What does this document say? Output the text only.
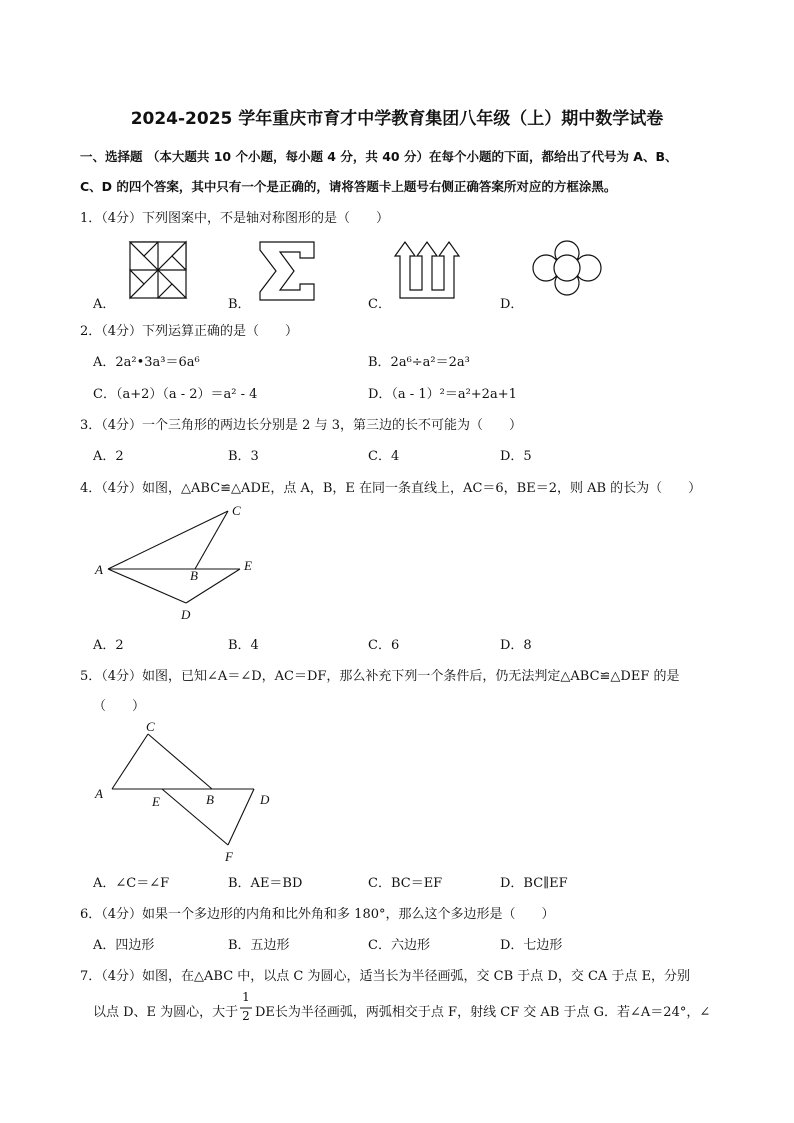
2024-2025 学年重庆市育才中学教育集团八年级（上）期中数学试卷
一、选择题 （本大题共 10 个小题，每小题 4 分，共 40 分）在每个小题的下面，都给出了代号为 A、B、
C、D 的四个答案，其中只有一个是正确的，请将答题卡上题号右侧正确答案所对应的方框涂黑。
1．（4分）下列图案中，不是轴对称图形的是（　　）
A．	B．	C．	D．
2．（4分）下列运算正确的是（　　）
A．2a²•3a³＝6a⁶	B．2a⁶÷a²＝2a³
C．（a+2）（a - 2）＝a² - 4	D．（a - 1）²＝a²+2a+1
3．（4分）一个三角形的两边长分别是 2 与 3，第三边的长不可能为（　　）
A．2	B．3	C．4	D．5
4．（4分）如图，△ABC≌△ADE，点 A，B，E 在同一条直线上，AC＝6，BE＝2，则 AB 的长为（　　）
A	B
C
D
E
A．2	B．4	C．6	D．8
5．（4分）如图，已知∠A＝∠D，AC＝DF，那么补充下列一个条件后，仍无法判定△ABC≌△DEF 的是
（　　）
A	B
C
D
E
F
A．∠C＝∠F	B．AE＝BD	C．BC＝EF	D．BC∥EF
6．（4分）如果一个多边形的内角和比外角和多 180°，那么这个多边形是（　　）
A．四边形	B．五边形	C．六边形	D．七边形
7．（4分）如图，在△ABC 中，以点 C 为圆心，适当长为半径画弧，交 CB 于点 D，交 CA 于点 E，分别
以点 D、E 为圆心，大于
1
2 DE长为半径画弧，两弧相交于点 F，射线 CF 交 AB 于点 G．若∠A＝24°，∠
